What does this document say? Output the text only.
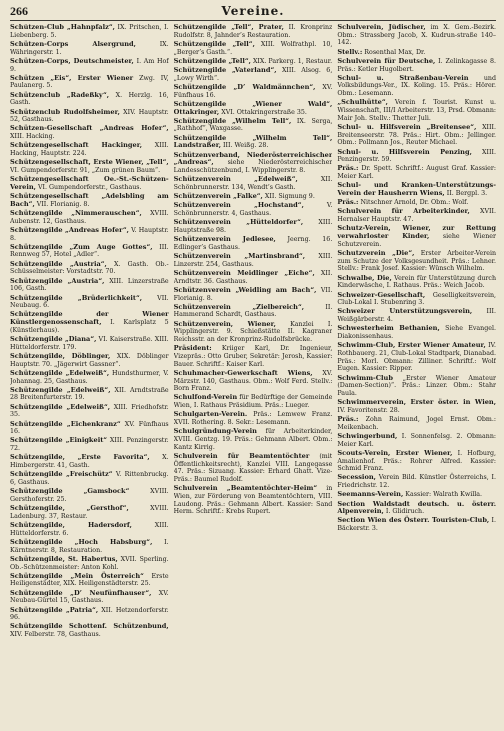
266	Vereine.
Schützen-Club „Hahnpfalz“, IX. Pritschen, I. Liebenberg. 5.
Schützen-Corps Alsergrund,	IX. Währingerstr. 1.
Schützen-Corps, Deutschmeister, I. Am Hof 9.
Schützen „Eis“, Erster Wiener Zwg. IV, Paulanerg. 5.
Schützenclub „Radeßky“, X. Herzlg. 16, Gasth.
Schützenclub Rudolfsheimer, XIV. Hauptstr. 52, Gasthaus.
Schützen-Gesellschaft „Andreas Hofer“, XIII. Hacking.
Schützengesellschaft Hackinger, XIII. Hacking, Hauptstr. 224.
Schützengesellschaft, Erste Wiener, „Tell“, VI. Gumpendorferstr. 91, „Zum grünen Baum“.
Schützengesellschaft Oe.-St.-Schützen-Verein, VI. Gumpendorferstr., Gasthaus.
Schützengesellschaft „Adelsbling am Bach“, VII. Florianig. 8.
Schützengilde „Nimmerauschen“, XVIII. Aubenstr. 12, Gasthaus.
Schützengilde „Andreas Hofer“, V. Hauptstr. 8.
Schützengilde „Zum Auge Gottes“, III. Rennweg 57, Hotel „Adler“.
Schützengilde „Austria“, X. Gasth. Ob.-Schüsselmeister: Vorstadtstr. 70.
Schützengilde „Austria“, XIII. Linzerstraße 106, Gasth.
Schützengilde „Brüderlichkeit“, VII. Neubaug. 6.
Schützengilde der Wiener Künstlergenossenschaft, I. Karlsplatz 5 (Künstlerhaus).
Schützengilde „Diana“, VI. Kaiserstraße. XIII. Hütteldorferstr. 179.
Schützengilde, Döblinger, XIX. Döblinger Hauptstr. 70. „Jägerwirt Gassner“.
Schützengilde „Edelweiß“, Hundsthurmer, V. Johannag. 25, Gasthaus.
Schützengilde „Edelweiß“, XII. Arndtstraße 28 Breitenfurterstr. 19.
Schützengilde „Edelweiß“, XIII. Friedhofstr. 35.
Schützengilde „Eichenkranz“ XV. Fünfhaus 16.
Schützengilde „Einigkeit“ XIII. Penzingerstr. 72.
Schützengilde, „Erste Favorita“, X. Himbergerstr. 41, Gasth.
Schützengilde „Freischütz“ V. Rittenbruckg. 6, Gasthaus.
Schützengilde „Gamsbock“	XVIII. Gersthoferstr. 25.
Schützengilde, „Gersthof“,	XVIII. Ladenburg. 37, Restaur.
Schützengilde, Hadersdorf,	XIII. Hütteldorferstr. 6.
Schützengilde „Hoch Habsburg“, I. Kärntnerstr. 8, Restauration.
Schützengilde, St. Habertus, XVII. Sperling. Ob.-Schützenmeister: Anton Kohl.
Schützengilde „Mein Österreich“ Erste Heiligenstädter, XIX. Heiligenstädterstr. 25.
Schützengilde „D’ Neufünfhauser“, XV. Neubau-Gürtel 15, Gasthaus.
Schützengilde „Patria“, XII. Hetzendorferstr. 96.
Schützengilde Schottenf. Schützenbund, XIV. Felberstr. 78, Gasthaus.
Schützengilde „Tell“, Prater, II. Kronprinz Rudolfstr. 8, Jahnder’s Restauration.
Schützengilde „Tell“, XIII. Wolfrathpl. 10, „Berger’s Gasth.“.
Schützengilde „Tell“, XIX. Parkerg. 1, Restaur.
Schützengilde „Vaterland“, XIII. Alsog. 6, „Lowy Wirth“.
Schützengilde „D’ Waldmännchen“, XV. Fünfhaus 16.
Schützengilde „Wiener Wald“, Ottakringer, XVI. Ottakringerstraße 35.
Schützengilde „Wilhelm Tell“, IX. Serga, „Rathhof“, Waxgasse.
Schützengilde „Wilhelm Tell“, Landstraßer, III. Weißg. 28.
Schützenverband, Niederösterreichischer „Andreas“, siehe Niederösterreichischer Landesschützenbund, I. Wipplingerstr. 8.
Schützenverein „Edelweiß“,	XII. Schönbrunnerstr. 134, Wendt’s Gasth.
Schützenverein „Falke“, XII. Sigmung 9.
Schützenverein „Hochstand“,	V. Schönbrunnerstr. 4, Gasthaus.
Schützenverein „Hütteldorfer“, XIII. Hauptstraße 98.
Schützenverein Jedlesee, Jeerng. 16. Edlinger’s Gasthaus.
Schützenverein „Martinsbrand“, XIII. Linzerstr. 254, Gasthaus.
Schützenverein Meidlinger „Eiche“, XII. Arndtstr. 36. Gasthaus.
Schützenverein „Weidling am Bach“, VII. Florianig. 8.
Schützenverein „Zielbereich“,	II. Hammerand Schardt, Gasthaus.
Schützenverein, Wiener, Kanzlei I. Wipplingerstr. 9. Schießstätte II. Kagraner Reichsstr. an der Kronprinz-Rudolfsbrücke.
Präsident: Kriiger Karl, Dr. Ingenieur, Vizepräs.: Otto Gruber, Sekretär: Jerosh, Kassier: Bauer. Schriftf.: Kaiser Karl.
Schuhmacher-Gewerkschaft Wiens, XV. Märzstr. 140, Gasthaus. Obm.: Wolf Ferd. Stellv.: Born Franz.
Schulfond-Verein für Bedürftige der Gemeinde Wien, I. Rathaus Präsidium. Präs.: Lueger.
Schulgarten-Verein. Präs.: Lemwew Franz. XVII. Rothering. 8. Sekr.: Lesemann.
Schulgründung-Verein für Arbeiterkinder, XVIII. Gentzg. 19. Präs.: Gehmann Albert. Obm.: Kantz Kirrig.
Schulverein für Beamtentöchter (mit Öffentlichkeitsrecht), Kanzlei VIII. Langegasse 47. Präs.: Sizuang. Kassier: Erhard Ghatt. Vize-Präs.: Baumel Rudolf.
Schulverein „Beamtentöchter-Heim“ in Wien, zur Förderung von Beamtentöchtern, VIII. Laudong. Präs.: Gehmann Albert. Kassier: Sand Herm. Schriftf.: Krebs Rupert.
Schulverein, Jüdischer, im X. Gem.-Bezirk. Obm.: Strassberg Jacob, X. Kudrun-straße 140–142.
Stellv.: Rosenthal Max, Dr.
Schulverein für Deutsche, I. Zelinkagasse 8. Präs.: Ketler Hugolbert.
Schul- u. Straßenbau-Verein und Volksbildungs-Ver., IX. Koling. 15. Präs.: Hörer. Obm.: Lesemann.
„Schulhütte“, Verein f. Tourist. Kunst u. Wissenschaft, III/I Arbeiterstr. 13, Prsd. Obmann: Mair Joh. Stellv.: Thetter Juli.
Schul- u. Hilfsverein „Breitensee“, XIII. Breitenseerstr. 78. Präs.: Hirt. Obm.: Jellinger. Obm.: Pollmann Jos., Reuter Michael.
Schul- u. Hilfsverein Penzing, XIII. Penzingerstr. 59.
Präs.: Dr. Spett. Schriftf.: August Graf. Kassier: Meier Karl.
Schul- und Kranken-Unterstützungs-Verein der Hausherrn Wiens, II. Bergpl. 3.
Präs.: Nitschner Arnold, Dr. Obm.: Wolf.
Schulverein für Arbeiterkinder, XVII. Hernalser Hauptstr. 47.
Schutz-Verein, Wiener, zur Rettung verwahrloster Kinder, siehe Wiener Schutzverein.
Schutzverein „Die“, Erster Arbeiter-Verein zum Schutze der Volksgesundheit. Präs.: Lehner. Stellv.: Frank Josef. Kassier: Wünsch Wilhelm.
Schwalbe, Die, Verein für Unterstützung durch Kinderwäsche, I. Rathaus. Präs.: Weich Jacob.
Schweizer-Gesellschaft, Geselligkeitsverein, Club-Lokal I. Stubenring 3.
Schweizer Unterstützungsverein, III. Weißgärberstr. 4.
Schwesterheim Bethanien, Siehe Evangel. Diakonissenhaus.
Schwimm-Club, Erster Wiener Amateur, IV. Rothbauerg. 21, Club-Lokal Stadtpark, Dianabad. Präs.: Morl. Obmann: Zilliner. Schriftf.: Wolf Eugen. Kassier: Ripper.
Schwimm-Club „Erster Wiener Amateur (Damen-Section)“. Präs.: Linzer. Obm.: Stahr Paula.
Schwimmerverein, Erster öster. in Wien, IV. Favoritenstr. 28.
Präs.: Zohn Raimund, Jogel Ernst. Obm.: Meikenbach.
Schwingerbund, I. Sonnenfelsg. 2. Obmann: Meier Karl.
Scouts-Verein, Erster Wiener, I. Hofburg, Amalienhof. Präs.: Rohrer Alfred. Kassier: Schmid Franz.
Secession, Verein Bild. Künstler Österreichs, I. Friedrichstr. 12.
Seemanns-Verein, Kassier: Walrath Kwilla.
Section Waldstadt deutsch. u. österr. Alpenverein, I. Glidiruch.
Section Wien des Österr. Touristen-Club, I. Bäckerstr. 3.
